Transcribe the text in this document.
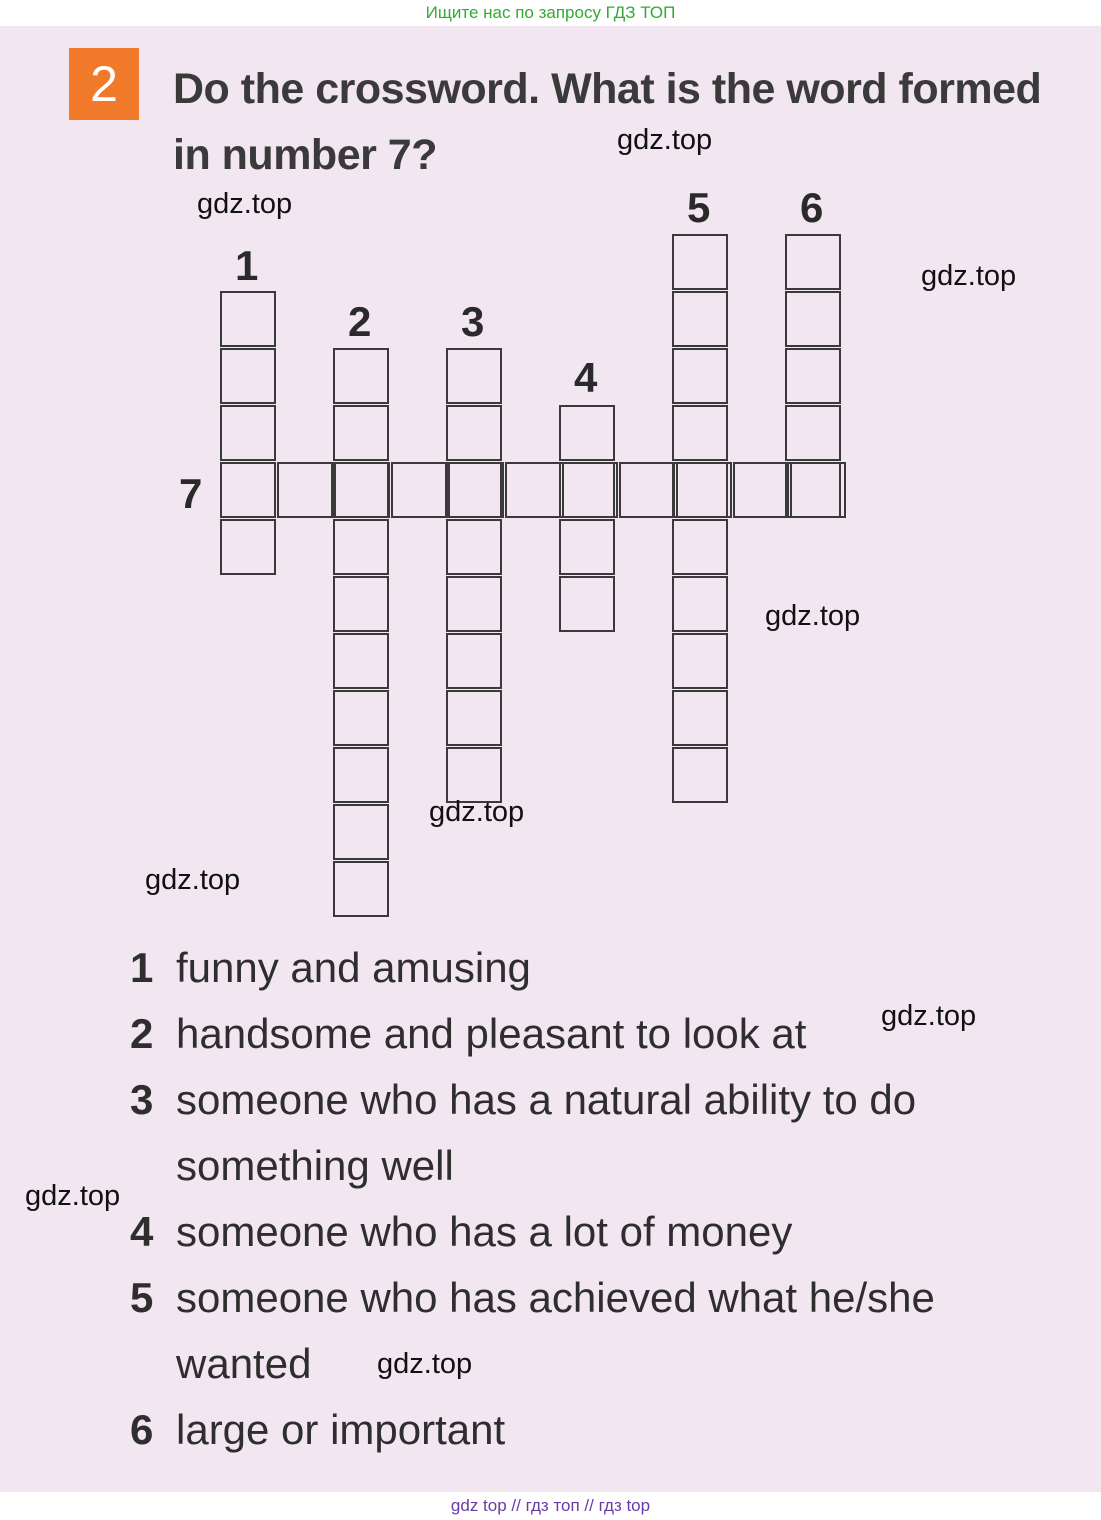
Ищите нас по запросу ГДЗ ТОП
2	Do the crossword. What is the word formed in number 7?
1
2 3
4
5 6
7
1 funny and amusing
2 handsome and pleasant to look at
3 someone who has a natural ability to do
something well
4 someone who has a lot of money
5 someone who has achieved what he/she
wanted
6 large or important
gdz.top
gdz.top
gdz.top
gdz.top
gdz.top
gdz.top
gdz.top
gdz.top
gdz.top
gdz top // гдз топ // гдз top
